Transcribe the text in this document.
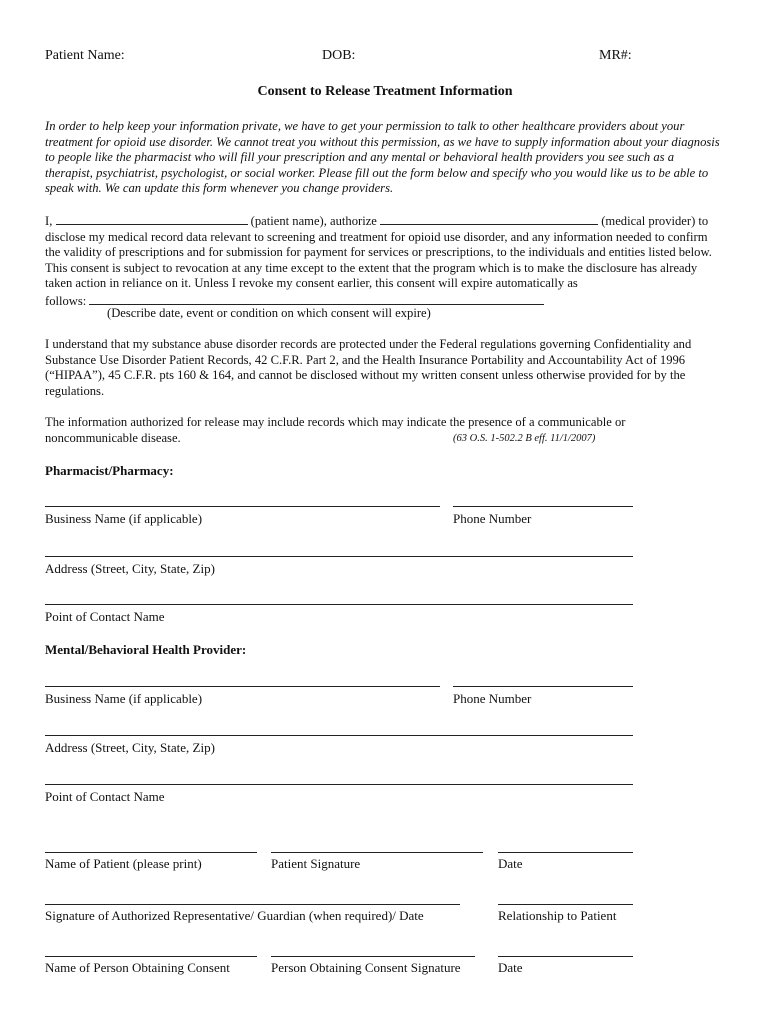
Patient Name:	DOB:	MR#:
Consent to Release Treatment Information
In order to help keep your information private, we have to get your permission to talk to other healthcare providers about your treatment for opioid use disorder. We cannot treat you without this permission, as we have to supply information about your diagnosis to people like the pharmacist who will fill your prescription and any mental or behavioral health providers you see such as a therapist, psychiatrist, psychologist, or social worker. Please fill out the form below and specify who you would like us to be able to speak with. We can update this form whenever you change providers.
I,	(patient name), authorize	(medical provider) to disclose my medical record data relevant to screening and treatment for opioid use disorder, and any information needed to confirm the validity of prescriptions and for submission for payment for services or prescriptions, to the individuals and entities listed below. This consent is subject to revocation at any time except to the extent that the program which is to make the disclosure has already taken action in reliance on it. Unless I revoke my consent earlier, this consent will expire automatically as
follows:
(Describe date, event or condition on which consent will expire)
I understand that my substance abuse disorder records are protected under the Federal regulations governing Confidentiality and Substance Use Disorder Patient Records, 42 C.F.R. Part 2, and the Health Insurance Portability and Accountability Act of 1996 (“HIPAA”), 45 C.F.R. pts 160 & 164, and cannot be disclosed without my written consent unless otherwise provided for by the regulations.
The information authorized for release may include records which may indicate the presence of a communicable or
noncommunicable disease.	(63 O.S. 1-502.2 B eff. 11/1/2007)
Pharmacist/Pharmacy:
Business Name (if applicable)	Phone Number
Address (Street, City, State, Zip)
Point of Contact Name
Mental/Behavioral Health Provider:
Business Name (if applicable)	Phone Number
Address (Street, City, State, Zip)
Point of Contact Name
Name of Patient (please print)	Patient Signature	Date
Signature of Authorized Representative/ Guardian (when required)/ Date	Relationship to Patient
Name of Person Obtaining Consent	Person Obtaining Consent Signature	Date
